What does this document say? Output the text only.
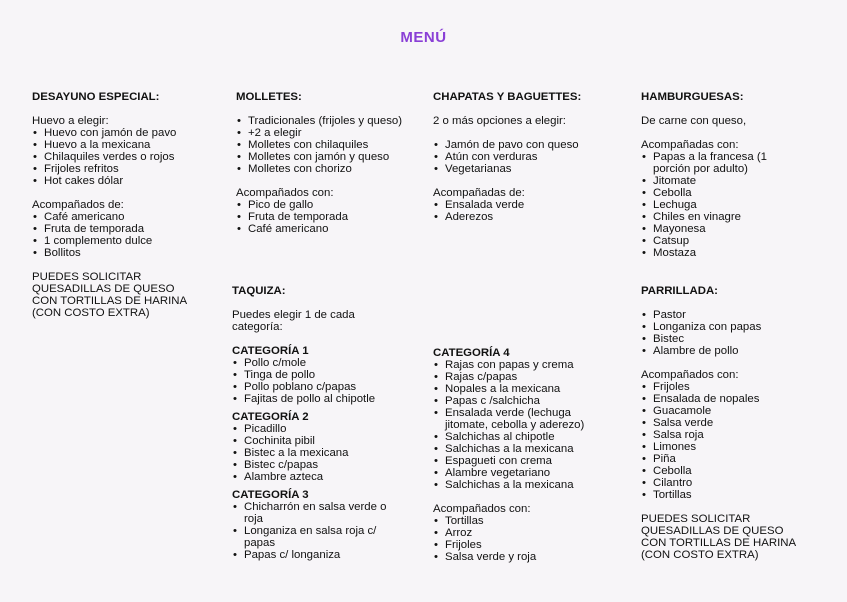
MENÚ

DESAYUNO ESPECIAL:

Huevo a elegir:

• Huevo con jamón de pavo
• Huevo a la mexicana
• Chilaquiles verdes o rojos
• Frijoles refritos
• Hot cakes dólar

Acompañados de:

• Café americano
• Fruta de temporada
• 1 complemento dulce
• Bollitos

PUEDES SOLICITAR

QUESADILLAS DE QUESO

CON TORTILLAS DE HARINA

(CON COSTO EXTRA)

MOLLETES:

• Tradicionales (frijoles y queso)
• +2 a elegir
• Molletes con chilaquiles
• Molletes con jamón y queso
• Molletes con chorizo

Acompañados con:

• Pico de gallo
• Fruta de temporada
• Café americano

CHAPATAS Y BAGUETTES:

2 o más opciones a elegir:

• Jamón de pavo con queso
• Atún con verduras
• Vegetarianas

Acompañadas de:

• Ensalada verde
• Aderezos

HAMBURGUESAS:

De carne con queso,

Acompañadas con:

• Papas a la francesa (1 porción por adulto)
• Jitomate
• Cebolla
• Lechuga
• Chiles en vinagre
• Mayonesa
• Catsup
• Mostaza

TAQUIZA:

Puedes elegir 1 de cada

categoría:

CATEGORÍA 1

• Pollo c/mole
• Tinga de pollo
• Pollo poblano c/papas
• Fajitas de pollo al chipotle

CATEGORÍA 2

• Picadillo
• Cochinita pibil
• Bistec a la mexicana
• Bistec c/papas
• Alambre azteca

CATEGORÍA 3

• Chicharrón en salsa verde o roja
• Longaniza en salsa roja c/ papas
• Papas c/ longaniza

CATEGORÍA 4

• Rajas con papas y crema
• Rajas c/papas
• Nopales a la mexicana
• Papas c /salchicha
• Ensalada verde (lechuga jitomate, cebolla y aderezo)
• Salchichas al chipotle
• Salchichas a la mexicana
• Espagueti con crema
• Alambre vegetariano
• Salchichas a la mexicana

Acompañados con:

• Tortillas
• Arroz
• Frijoles
• Salsa verde y roja

PARRILLADA:

• Pastor
• Longaniza con papas
• Bistec
• Alambre de pollo

Acompañados con:

• Frijoles
• Ensalada de nopales
• Guacamole
• Salsa verde
• Salsa roja
• Limones
• Piña
• Cebolla
• Cilantro
• Tortillas

PUEDES SOLICITAR

QUESADILLAS DE QUESO

CON TORTILLAS DE HARINA

(CON COSTO EXTRA)
